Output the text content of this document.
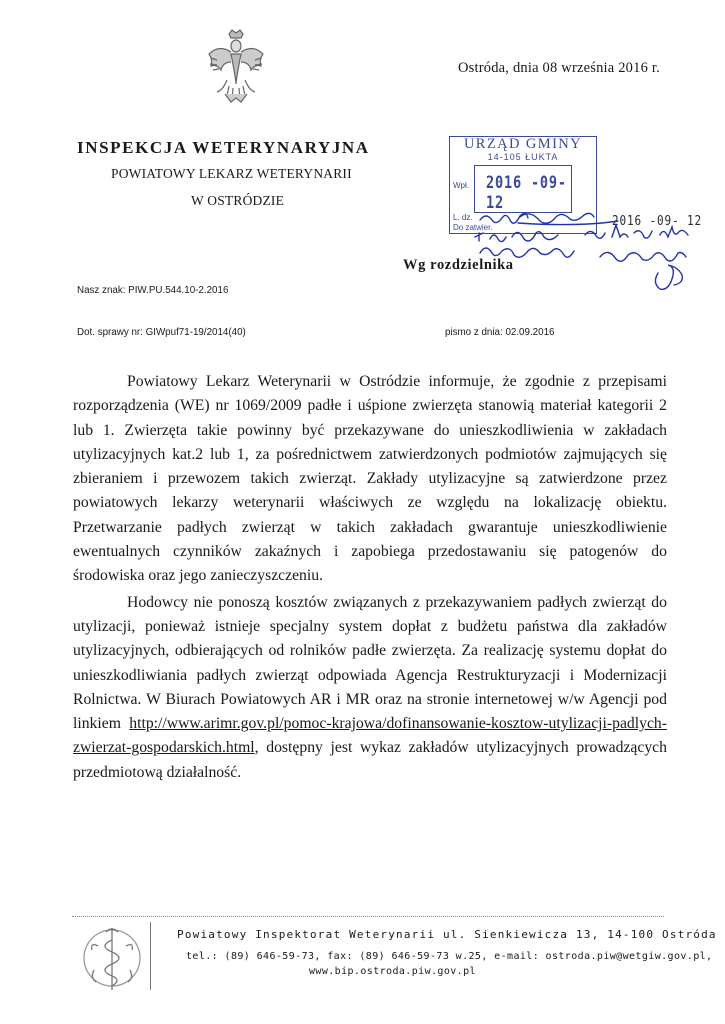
Ostróda, dnia 08 września 2016 r.
INSPEKCJA WETERYNARYJNA
POWIATOWY LEKARZ WETERYNARII
W OSTRÓDZIE
URZĄD GMINY
14-105 ŁUKTA
Wpł. 2016 -09- 12
L. dz.
Do zatwier.	2016 -09- 12
Wg rozdzielnika
Nasz znak: PIW.PU.544.10-2.2016
Dot. sprawy nr: GIWpuf71-19/2014(40)	pismo z dnia: 02.09.2016

Powiatowy Lekarz Weterynarii w Ostródzie informuje, że zgodnie z przepisami rozporządzenia (WE) nr 1069/2009 padłe i uśpione zwierzęta stanowią materiał kategorii 2 lub 1. Zwierzęta takie powinny być przekazywane do unieszkodliwienia w zakładach utylizacyjnych kat.2 lub 1, za pośrednictwem zatwierdzonych podmiotów zajmujących się zbieraniem i przewozem takich zwierząt. Zakłady utylizacyjne są zatwierdzone przez powiatowych lekarzy weterynarii właściwych ze względu na lokalizację obiektu. Przetwarzanie padłych zwierząt w takich zakładach gwarantuje unieszkodliwienie ewentualnych czynników zakaźnych i zapobiega przedostawaniu się patogenów do środowiska oraz jego zanieczyszczeniu.

Hodowcy nie ponoszą kosztów związanych z przekazywaniem padłych zwierząt do utylizacji, ponieważ istnieje specjalny system dopłat z budżetu państwa dla zakładów utylizacyjnych, odbierających od rolników padłe zwierzęta. Za realizację systemu dopłat do unieszkodliwiania padłych zwierząt odpowiada Agencja Restrukturyzacji i Modernizacji Rolnictwa. W Biurach Powiatowych AR i MR oraz na stronie internetowej w/w Agencji pod linkiem http://www.arimr.gov.pl/pomoc-krajowa/dofinansowanie-kosztow-utylizacji-padlych-zwierzat-gospodarskich.html, dostępny jest wykaz zakładów utylizacyjnych prowadzących przedmiotową działalność.

Powiatowy Inspektorat Weterynarii ul. Sienkiewicza 13, 14-100 Ostróda
tel.: (89) 646-59-73, fax: (89) 646-59-73 w.25, e-mail: ostroda.piw@wetgiw.gov.pl,
www.bip.ostroda.piw.gov.pl
